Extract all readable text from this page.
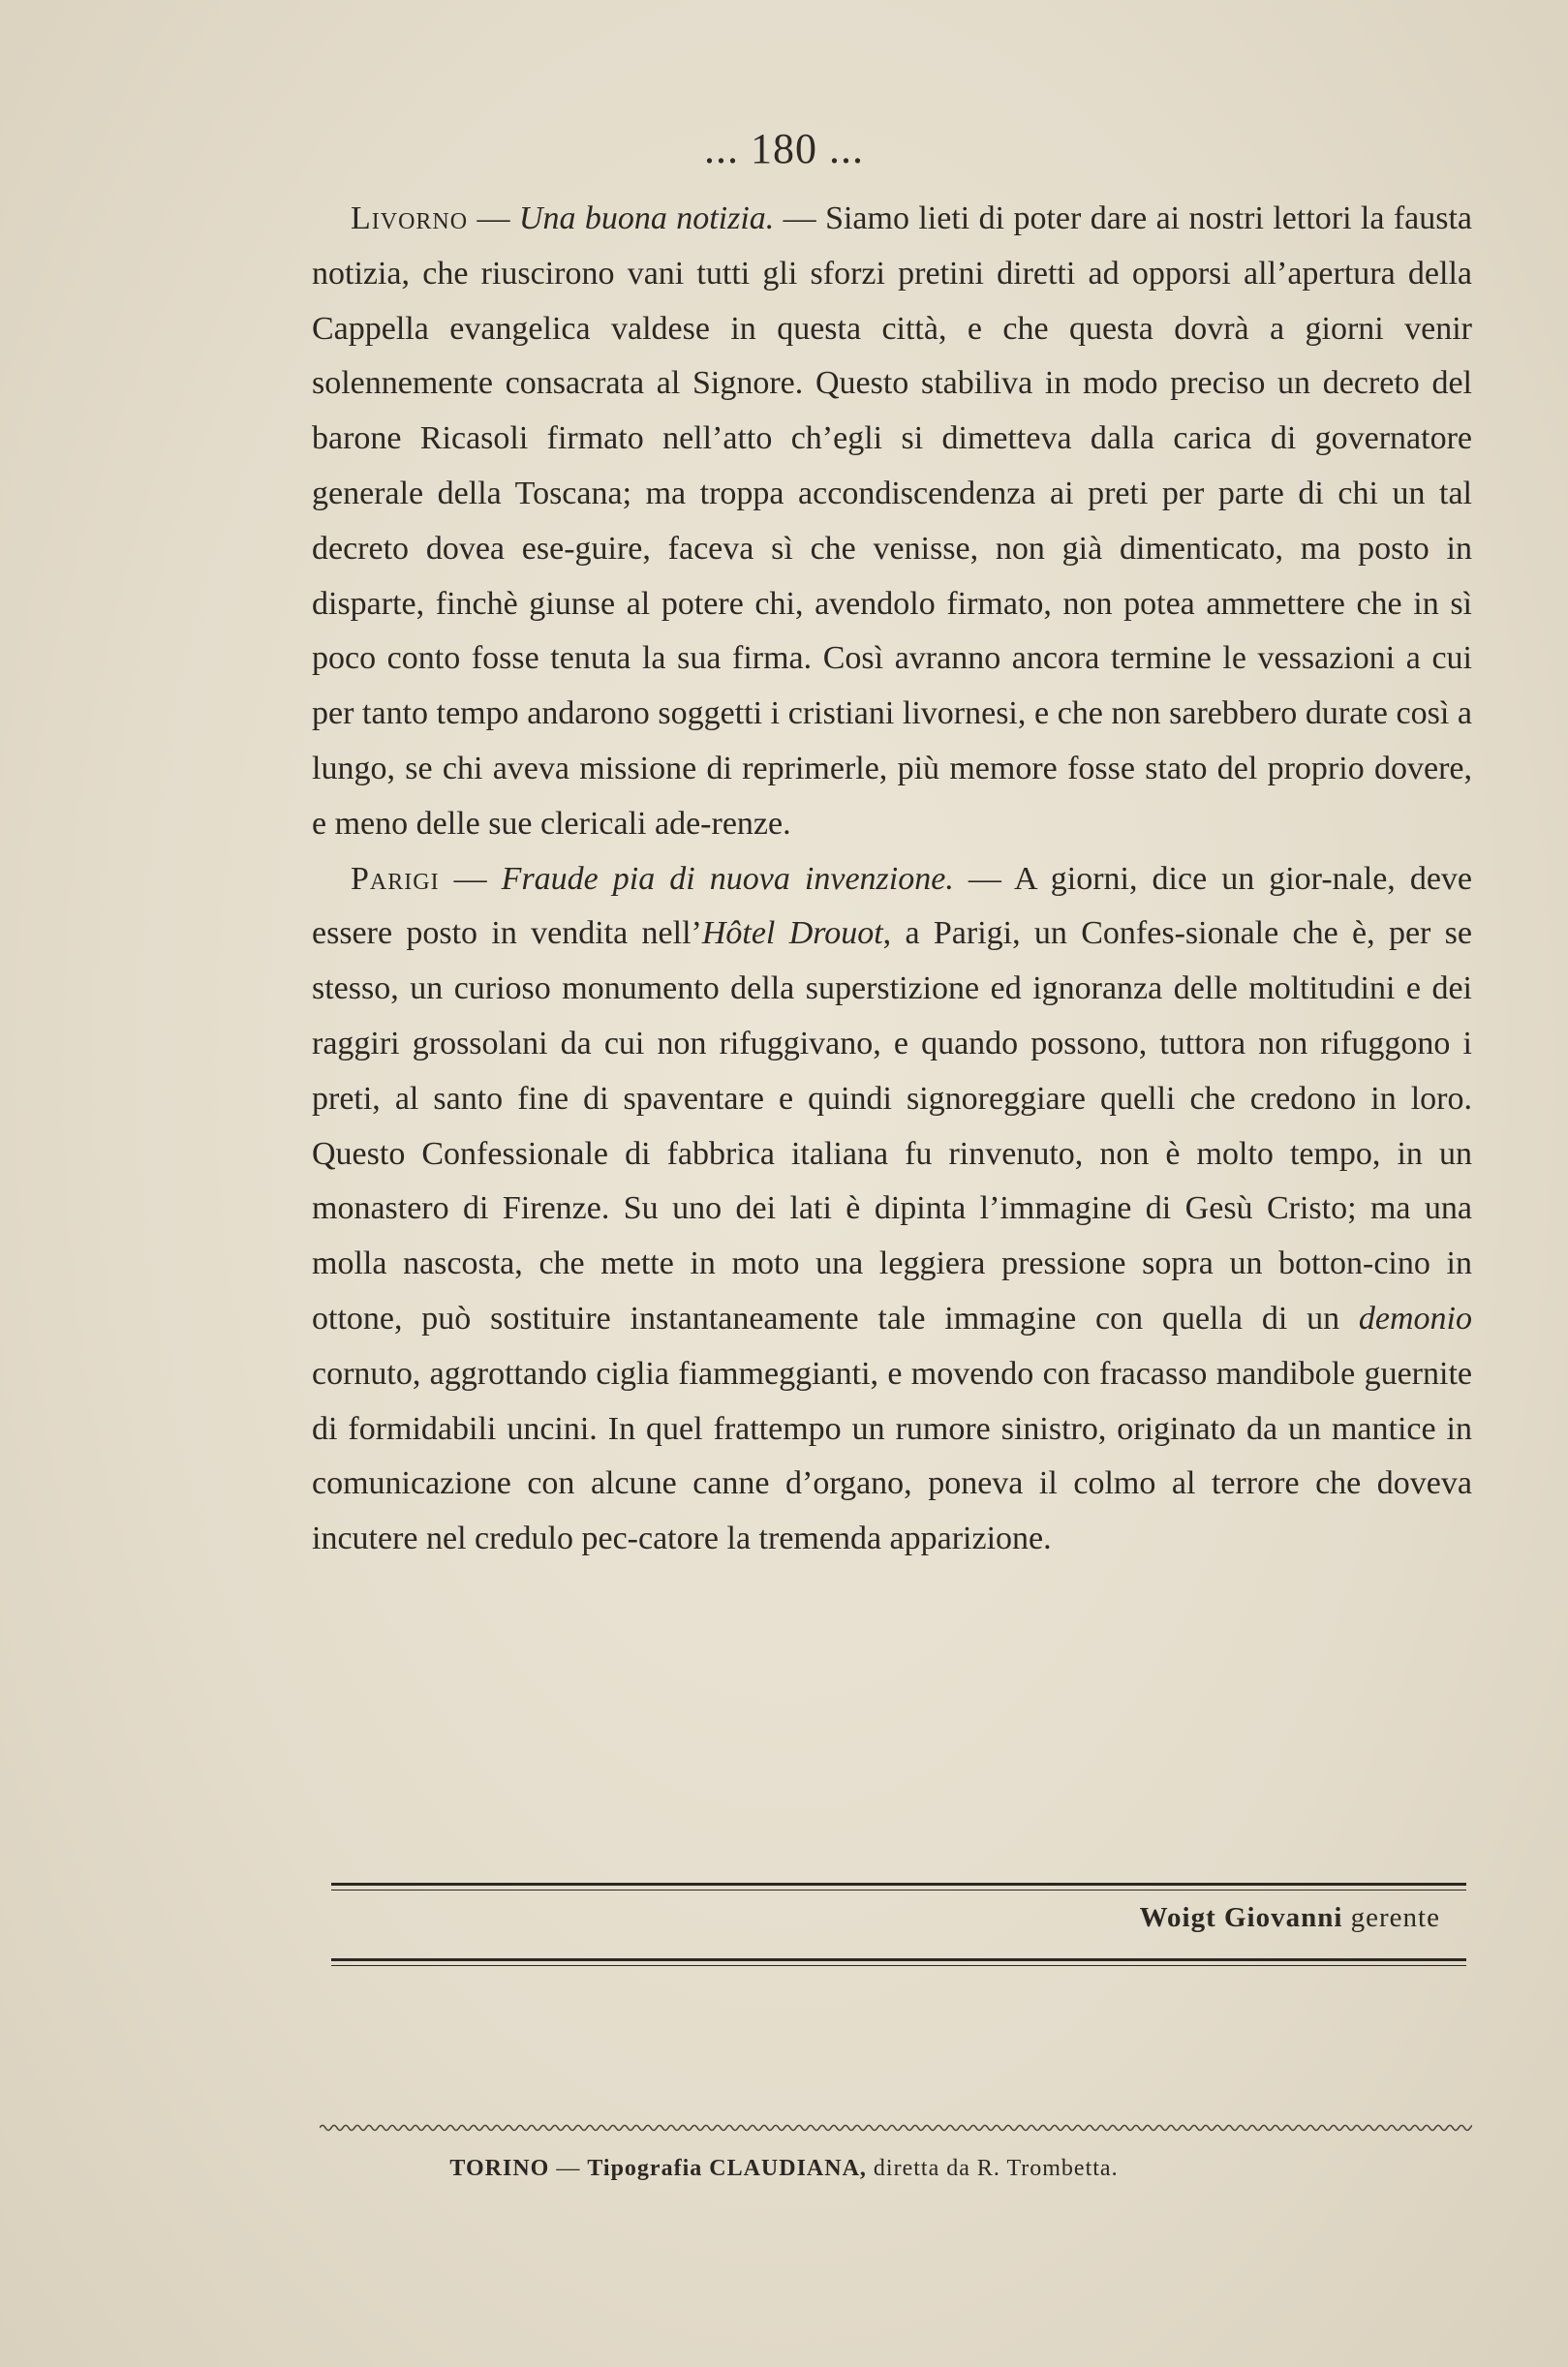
... 180 ...

Livorno — Una buona notizia. — Siamo lieti di poter dare ai nostri lettori la fausta notizia, che riuscirono vani tutti gli sforzi pretini diretti ad opporsi all’apertura della Cappella evangelica valdese in questa città, e che questa dovrà a giorni venir solennemente consacrata al Signore. Questo stabiliva in modo preciso un decreto del barone Ricasoli firmato nell’atto ch’egli si dimetteva dalla carica di governatore generale della Toscana; ma troppa accondiscendenza ai preti per parte di chi un tal decreto dovea ese-guire, faceva sì che venisse, non già dimenticato, ma posto in disparte, finchè giunse al potere chi, avendolo firmato, non potea ammettere che in sì poco conto fosse tenuta la sua firma. Così avranno ancora termine le vessazioni a cui per tanto tempo andarono soggetti i cristiani livornesi, e che non sarebbero durate così a lungo, se chi aveva missione di reprimerle, più memore fosse stato del proprio dovere, e meno delle sue clericali ade-renze.

Parigi — Fraude pia di nuova invenzione. — A giorni, dice un gior-nale, deve essere posto in vendita nell’Hôtel Drouot, a Parigi, un Confes-sionale che è, per se stesso, un curioso monumento della superstizione ed ignoranza delle moltitudini e dei raggiri grossolani da cui non rifuggivano, e quando possono, tuttora non rifuggono i preti, al santo fine di spaventare e quindi signoreggiare quelli che credono in loro. Questo Confessionale di fabbrica italiana fu rinvenuto, non è molto tempo, in un monastero di Firenze. Su uno dei lati è dipinta l’immagine di Gesù Cristo; ma una molla nascosta, che mette in moto una leggiera pressione sopra un botton-cino in ottone, può sostituire instantaneamente tale immagine con quella di un demonio cornuto, aggrottando ciglia fiammeggianti, e movendo con fracasso mandibole guernite di formidabili uncini. In quel frattempo un rumore sinistro, originato da un mantice in comunicazione con alcune canne d’organo, poneva il colmo al terrore che doveva incutere nel credulo pec-catore la tremenda apparizione.

Woigt Giovanni gerente
TORINO — Tipografia CLAUDIANA, diretta da R. Trombetta.
